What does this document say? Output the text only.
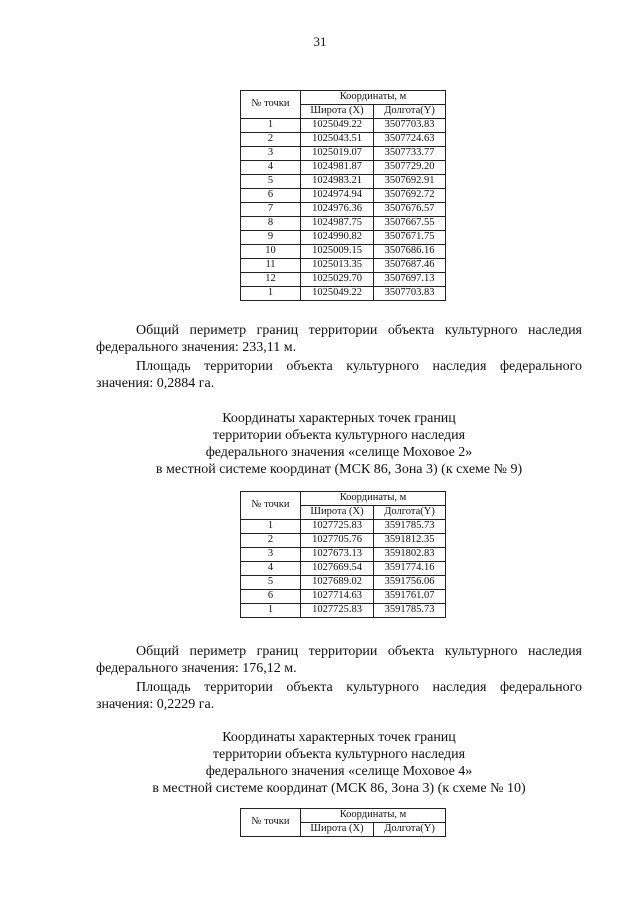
31
№ точки	Координаты, м	
	Широта (X)	Долгота(Y)
1	1025049.22	3507703.83
2	1025043.51	3507724.63
3	1025019.07	3507733.77
4	1024981.87	3507729.20
5	1024983.21	3507692.91
6	1024974.94	3507692.72
7	1024976.36	3507676.57
8	1024987.75	3507667.55
9	1024990.82	3507671.75
10	1025009.15	3507686.16
11	1025013.35	3507687.46
12	1025029.70	3507697.13
1	1025049.22	3507703.83

Общий периметр границ территории объекта культурного наследия федерального значения: 233,11 м.

Площадь территории объекта культурного наследия федерального значения: 0,2884 га.

Координаты характерных точек границ
территории объекта культурного наследия
федерального значения «селище Моховое 2»
в местной системе координат (МСК 86, Зона 3) (к схеме № 9)
№ точки	Координаты, м	
	Широта (X)	Долгота(Y)
1	1027725.83	3591785.73
2	1027705.76	3591812.35
3	1027673.13	3591802.83
4	1027669.54	3591774.16
5	1027689.02	3591756.06
6	1027714.63	3591761.07
1	1027725.83	3591785.73

Общий периметр границ территории объекта культурного наследия федерального значения: 176,12 м.

Площадь территории объекта культурного наследия федерального значения: 0,2229 га.

Координаты характерных точек границ
территории объекта культурного наследия
федерального значения «селище Моховое 4»
в местной системе координат (МСК 86, Зона 3) (к схеме № 10)
№ точки	Координаты, м	
	Широта (X)	Долгота(Y)
